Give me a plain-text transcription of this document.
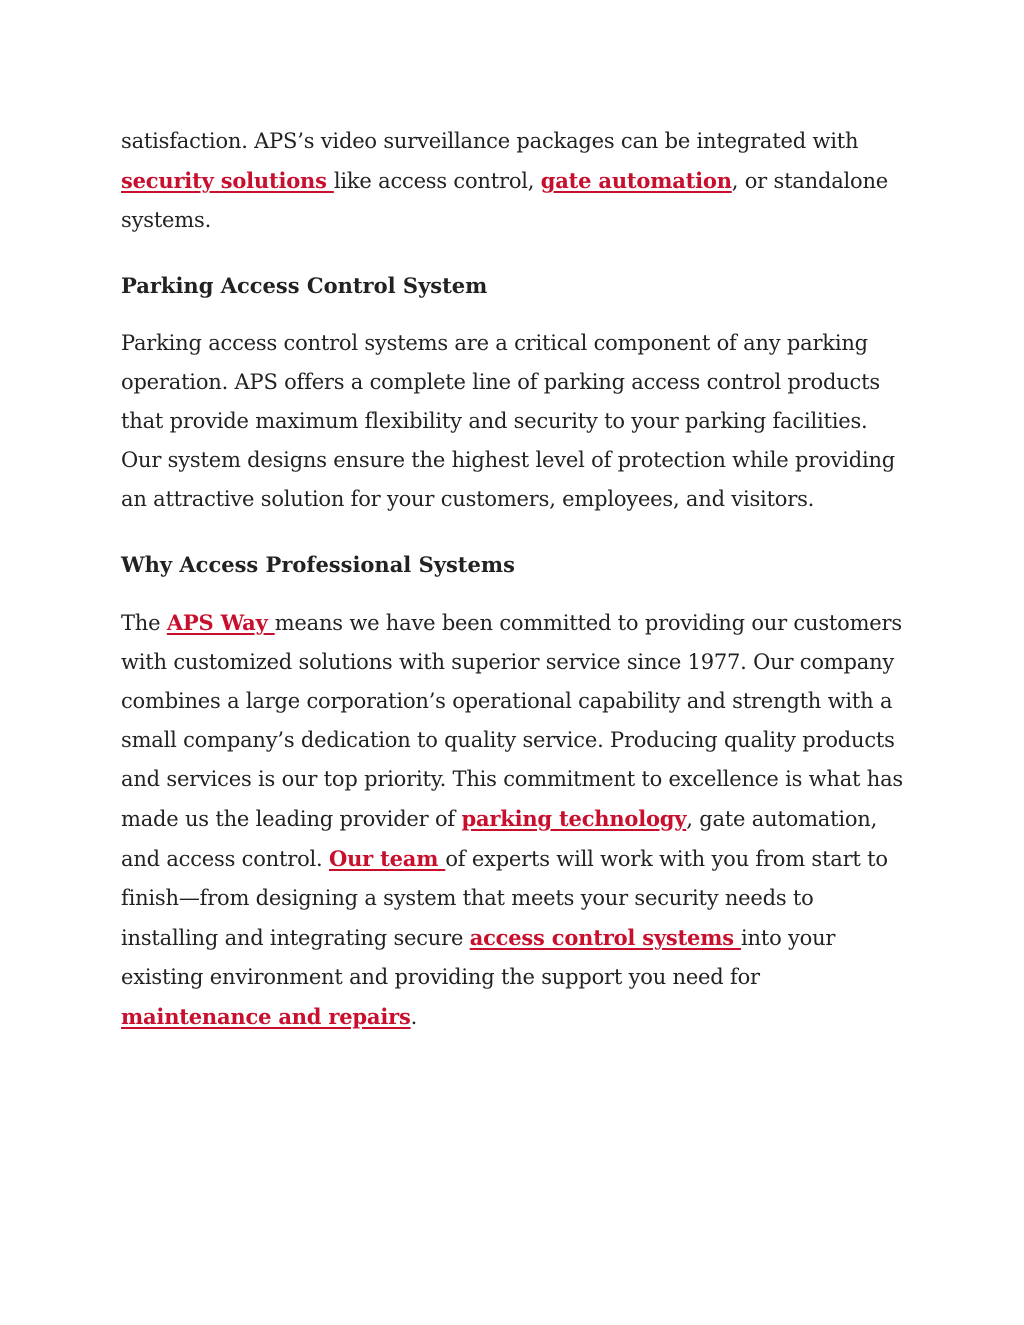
satisfaction. APS’s video surveillance packages can be integrated with security solutions like access control, gate automation, or standalone systems.

Parking Access Control System

Parking access control systems are a critical component of any parking operation. APS offers a complete line of parking access control products that provide maximum flexibility and security to your parking facilities. Our system designs ensure the highest level of protection while providing an attractive solution for your customers, employees, and visitors.

Why Access Professional Systems

The APS Way means we have been committed to providing our customers with customized solutions with superior service since 1977. Our company combines a large corporation’s operational capability and strength with a small company’s dedication to quality service. Producing quality products and services is our top priority. This commitment to excellence is what has made us the leading provider of parking technology, gate automation, and access control. Our team of experts will work with you from start to finish—from designing a system that meets your security needs to installing and integrating secure access control systems into your existing environment and providing the support you need for maintenance and repairs.
